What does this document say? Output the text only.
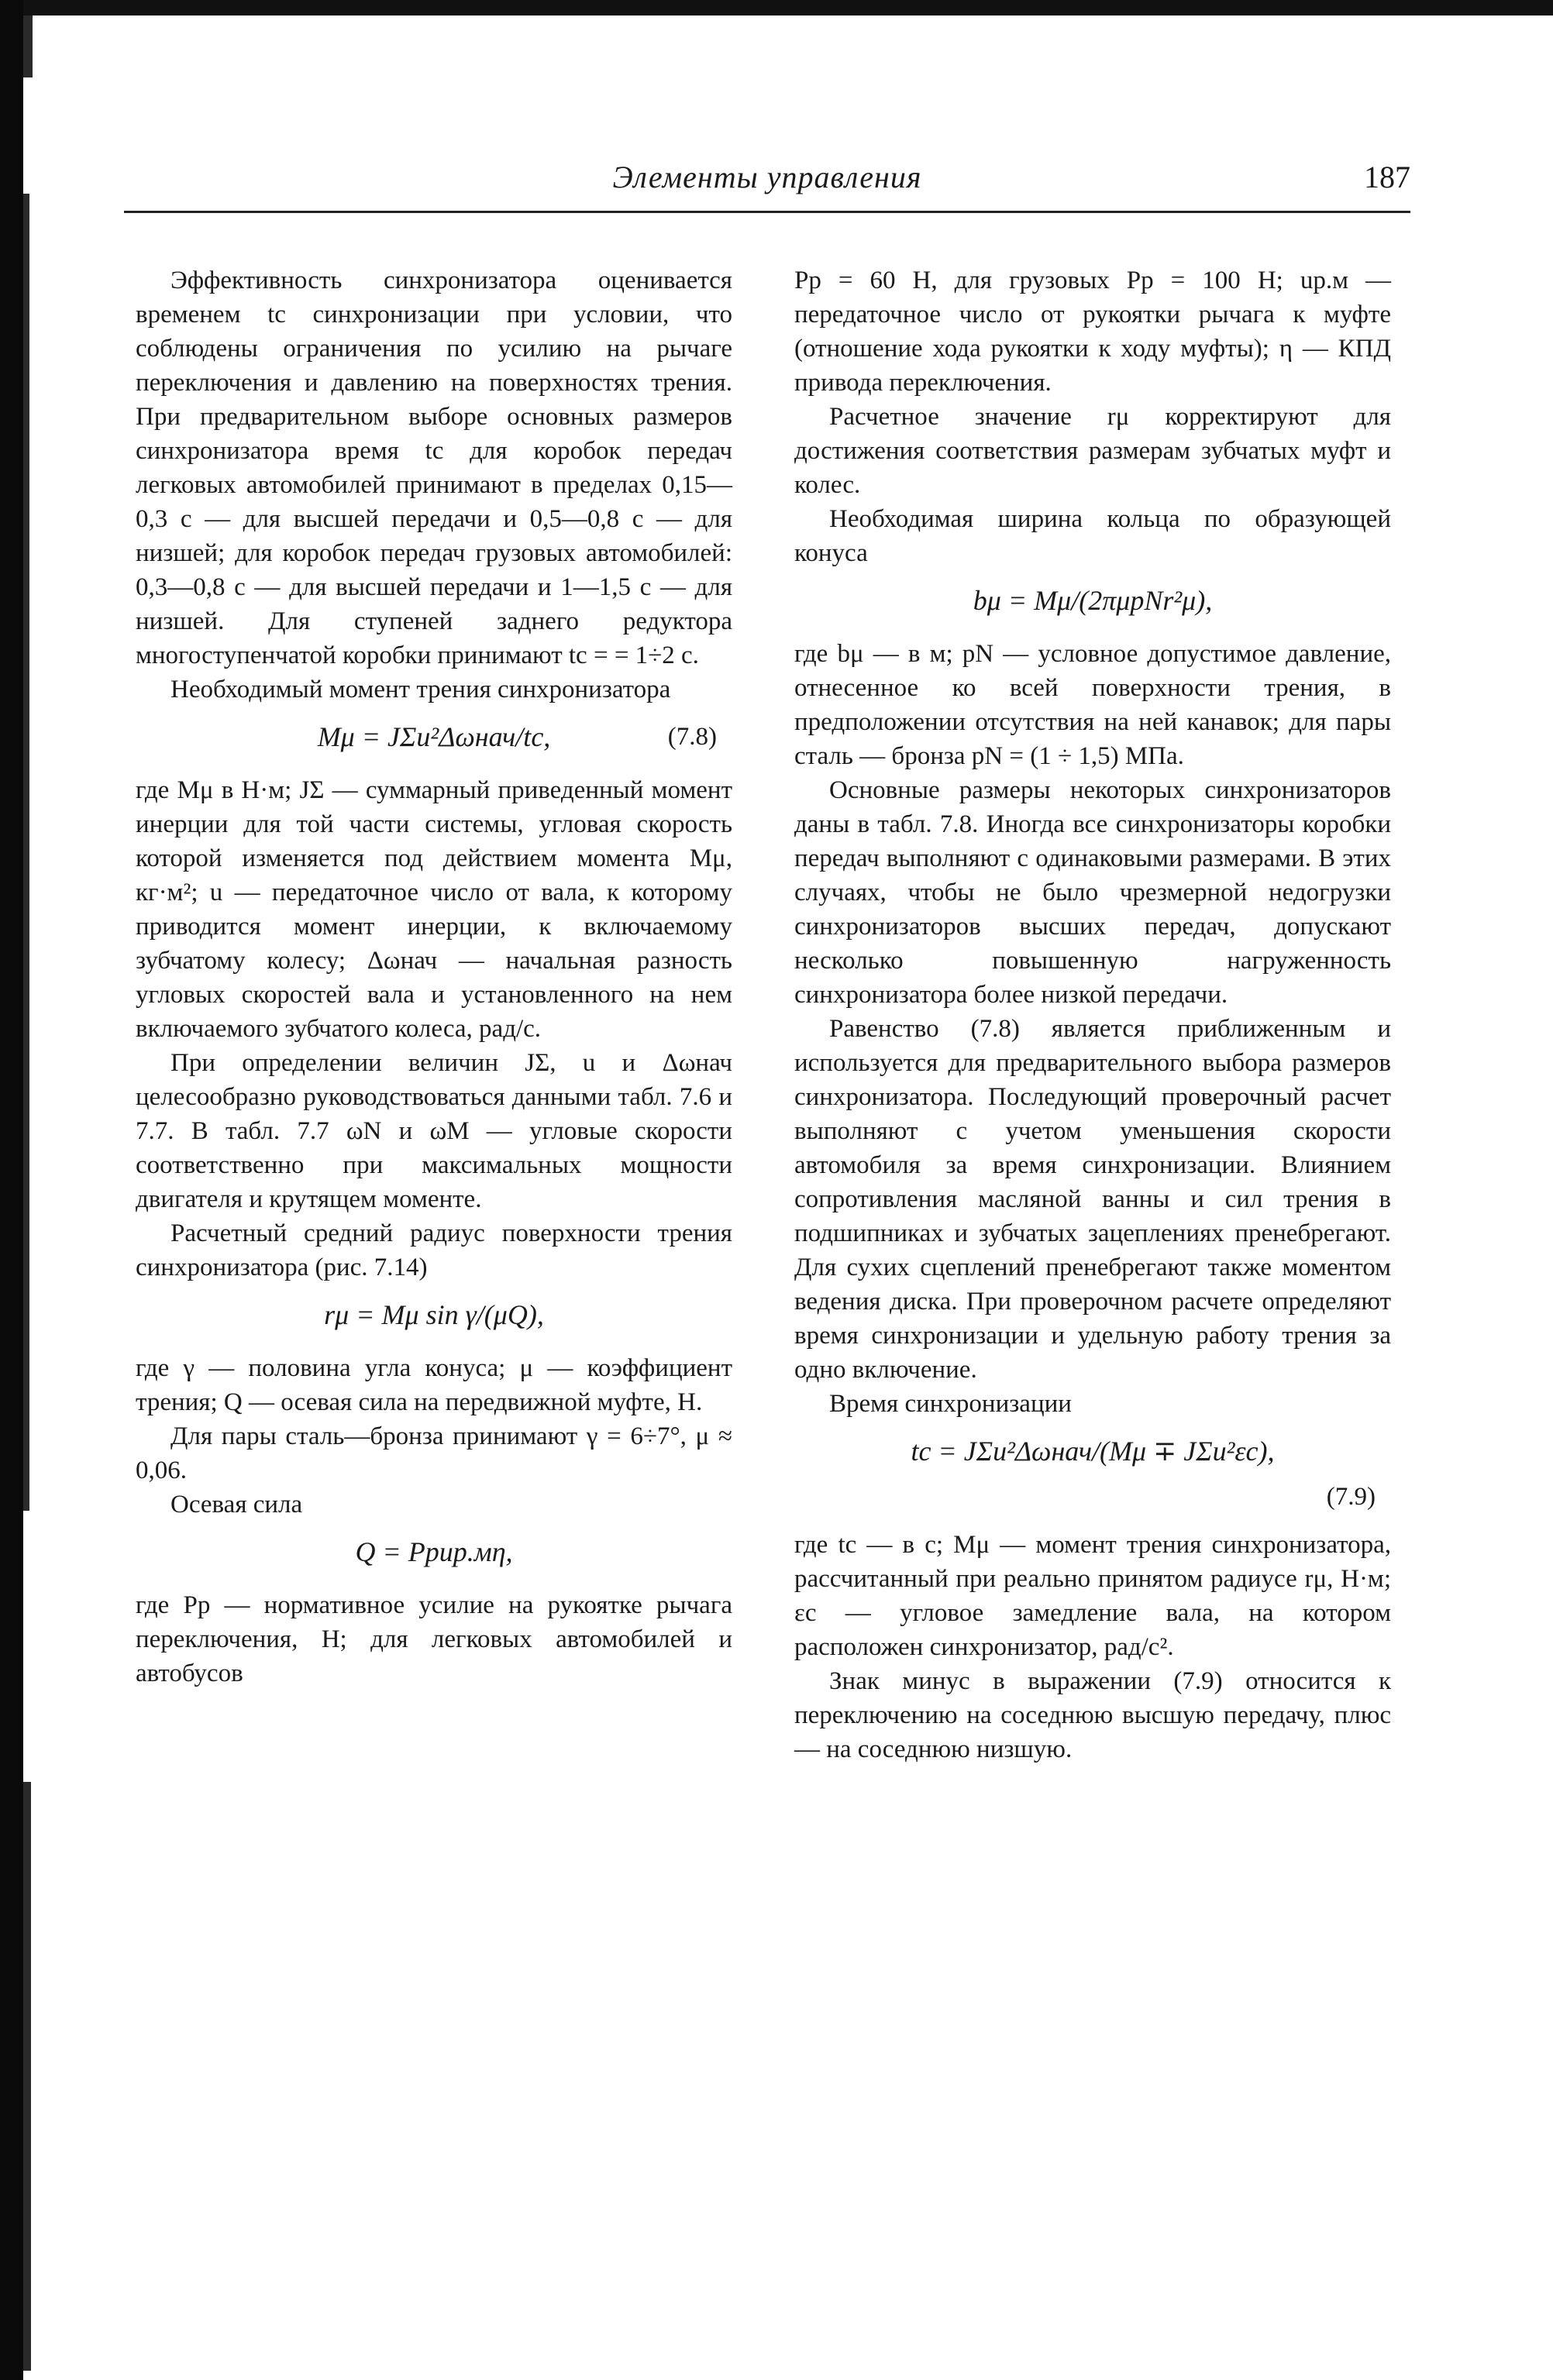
Элементы управления	187

Эффективность синхронизатора оценивается временем tc синхронизации при условии, что соблюдены ограничения по усилию на рычаге переключения и давлению на поверхностях трения. При предварительном выборе основных размеров синхронизатора время tc для коробок передач легковых автомобилей принимают в пределах 0,15—0,3 с — для высшей передачи и 0,5—0,8 с — для низшей; для коробок передач грузовых автомобилей: 0,3—0,8 с — для высшей передачи и 1—1,5 с — для низшей. Для ступеней заднего редуктора многоступенчатой коробки принимают tc = = 1÷2 с.

Необходимый момент трения синхронизатора

Mμ = JΣu²Δωнач/tc,	(7.8)

где Mμ в Н·м; JΣ — суммарный приведенный момент инерции для той части системы, угловая скорость которой изменяется под действием момента Mμ, кг·м²; u — передаточное число от вала, к которому приводится момент инерции, к включаемому зубчатому колесу; Δωнач — начальная разность угловых скоростей вала и установленного на нем включаемого зубчатого колеса, рад/с.

При определении величин JΣ, u и Δωнач целесообразно руководствоваться данными табл. 7.6 и 7.7. В табл. 7.7 ωN и ωM — угловые скорости соответственно при максимальных мощности двигателя и крутящем моменте.

Расчетный средний радиус поверхности трения синхронизатора (рис. 7.14)

rμ = Mμ sin γ/(μQ),

где γ — половина угла конуса; μ — коэффициент трения; Q — осевая сила на передвижной муфте, Н.

Для пары сталь—бронза принимают γ = 6÷7°, μ ≈ 0,06.

Осевая сила

Q = Pрuр.мη,

где Pр — нормативное усилие на рукоятке рычага переключения, Н; для легковых автомобилей и автобусов

Pр = 60 Н, для грузовых Pр = 100 Н; uр.м — передаточное число от рукоятки рычага к муфте (отношение хода рукоятки к ходу муфты); η — КПД привода переключения.

Расчетное значение rμ корректируют для достижения соответствия размерам зубчатых муфт и колес.

Необходимая ширина кольца по образующей конуса

bμ = Mμ/(2πμpNr²μ),

где bμ — в м; pN — условное допустимое давление, отнесенное ко всей поверхности трения, в предположении отсутствия на ней канавок; для пары сталь — бронза pN = (1 ÷ 1,5) МПа.

Основные размеры некоторых синхронизаторов даны в табл. 7.8. Иногда все синхронизаторы коробки передач выполняют с одинаковыми размерами. В этих случаях, чтобы не было чрезмерной недогрузки синхронизаторов высших передач, допускают несколько повышенную нагруженность синхронизатора более низкой передачи.

Равенство (7.8) является приближенным и используется для предварительного выбора размеров синхронизатора. Последующий проверочный расчет выполняют с учетом уменьшения скорости автомобиля за время синхронизации. Влиянием сопротивления масляной ванны и сил трения в подшипниках и зубчатых зацеплениях пренебрегают. Для сухих сцеплений пренебрегают также моментом ведения диска. При проверочном расчете определяют время синхронизации и удельную работу трения за одно включение.

Время синхронизации

tc = JΣu²Δωнач/(Mμ ∓ JΣu²εc),
(7.9)

где tc — в с; Mμ — момент трения синхронизатора, рассчитанный при реально принятом радиусе rμ, Н·м; εc — угловое замедление вала, на котором расположен синхронизатор, рад/с².

Знак минус в выражении (7.9) относится к переключению на соседнюю высшую передачу, плюс — на соседнюю низшую.
